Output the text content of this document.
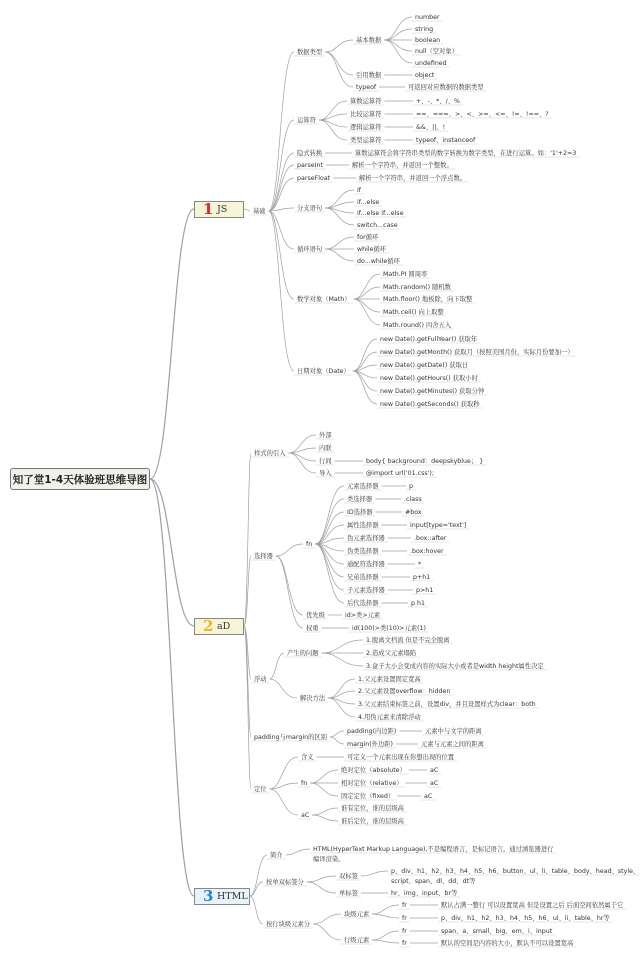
基础
数据类型
基本数据
number
string
boolean
null（空对象）
undefined
引用数据	object
typeof	可返回对应数据的数据类型
运算符
算数运算符	+、-、*、/、%
比较运算符	==、===、>、<、>=、<=、!=、!==、?
逻辑运算符	&&、||、!
类型运算符	typeof、instanceof
隐式转换	算数运算符会将字符串类型的数字转换为数字类型，在进行运算。如：'1'+2=3
parseInt	解析一个字符串，并返回一个整数。
parseFloat	解析一个字符串，并返回一个浮点数。
分支语句
if
if...else
if...else if...else
switch...case
循环语句
for循环
while循环
do...while循环
数学对象（Math）
Math.PI 圆周率
Math.random() 随机数
Math.floor() 地板除，向下取整
Math.ceil() 向上取整
Math.round() 四舍五入
日期对象（Date）
new Date().getFullYear() 获取年
new Date().getMonth() 获取月（按照美国月份，实际月份要加一）
new Date().getDate() 获取日
new Date().getHours() 获取小时
new Date().getMinutes() 获取分钟
new Date().getSeconds() 获取秒
样式的引入
外部
内联
行间	body{ background：deepskyblue； }
导入	@import url('01.css');
选择器
fn
元素选择器	p
类选择器	.class
ID选择器	#box
属性选择器	input[type='text']
伪元素选择器	.box::after
伪类选择器	.box:hover
通配符选择器	*
兄弟选择器	p+h1
子元素选择器	p>h1
后代选择器	p h1
优先级	id>类>元素
权重	id(100)>类(10)>元素(1)
浮动
产生的问题
1.脱离文档流 但是不完全脱离
2.造成父元素塌陷
3.盒子大小会变成内容的实际大小或者是width height属性决定
解决方法
1.父元素设置固定宽高
2.父元素设置overflow：hidden
3.父元素结束标签之前，设置div，并且设置样式为clear：both
4.用伪元素来清除浮动
padding与margin的区别
padding(内边距)	元素中与文字的距离
margin(外边距)	元素与元素之间的距离
定位
含义	可定义一个元素出现在你想出现的位置
fn
绝对定位（absolute）	aC
相对定位（relative）	aC
固定定位（fixed）	aC
aC
谁有定位，谁的层级高
谁后定位，谁的层级高
简介
HTML(HyperText Markup Language),不是编程语言，是标记语言。通过浏览器进行
编译渲染。
按单双标签分
双标签
p、div、h1、h2、h3、h4、h5、h6、button、ul、li、table、body、head、style、
script、span、dl、dd、dt等
单标签	hr、img、input、br等
按行块级元素分
块级元素
fr	默认占满一整行 可以设置宽高 但是设置之后 后面空间依然属于它
fr	p、div、h1、h2、h3、h4、h5、h6、ul、li、table、hr等
行级元素
fr	span、a、small、big、em、i、input
fr	默认的空间是内容的大小，默认不可以设置宽高
知了堂1-4天体验班思维导图
1 JS
2 aD
3 HTML
